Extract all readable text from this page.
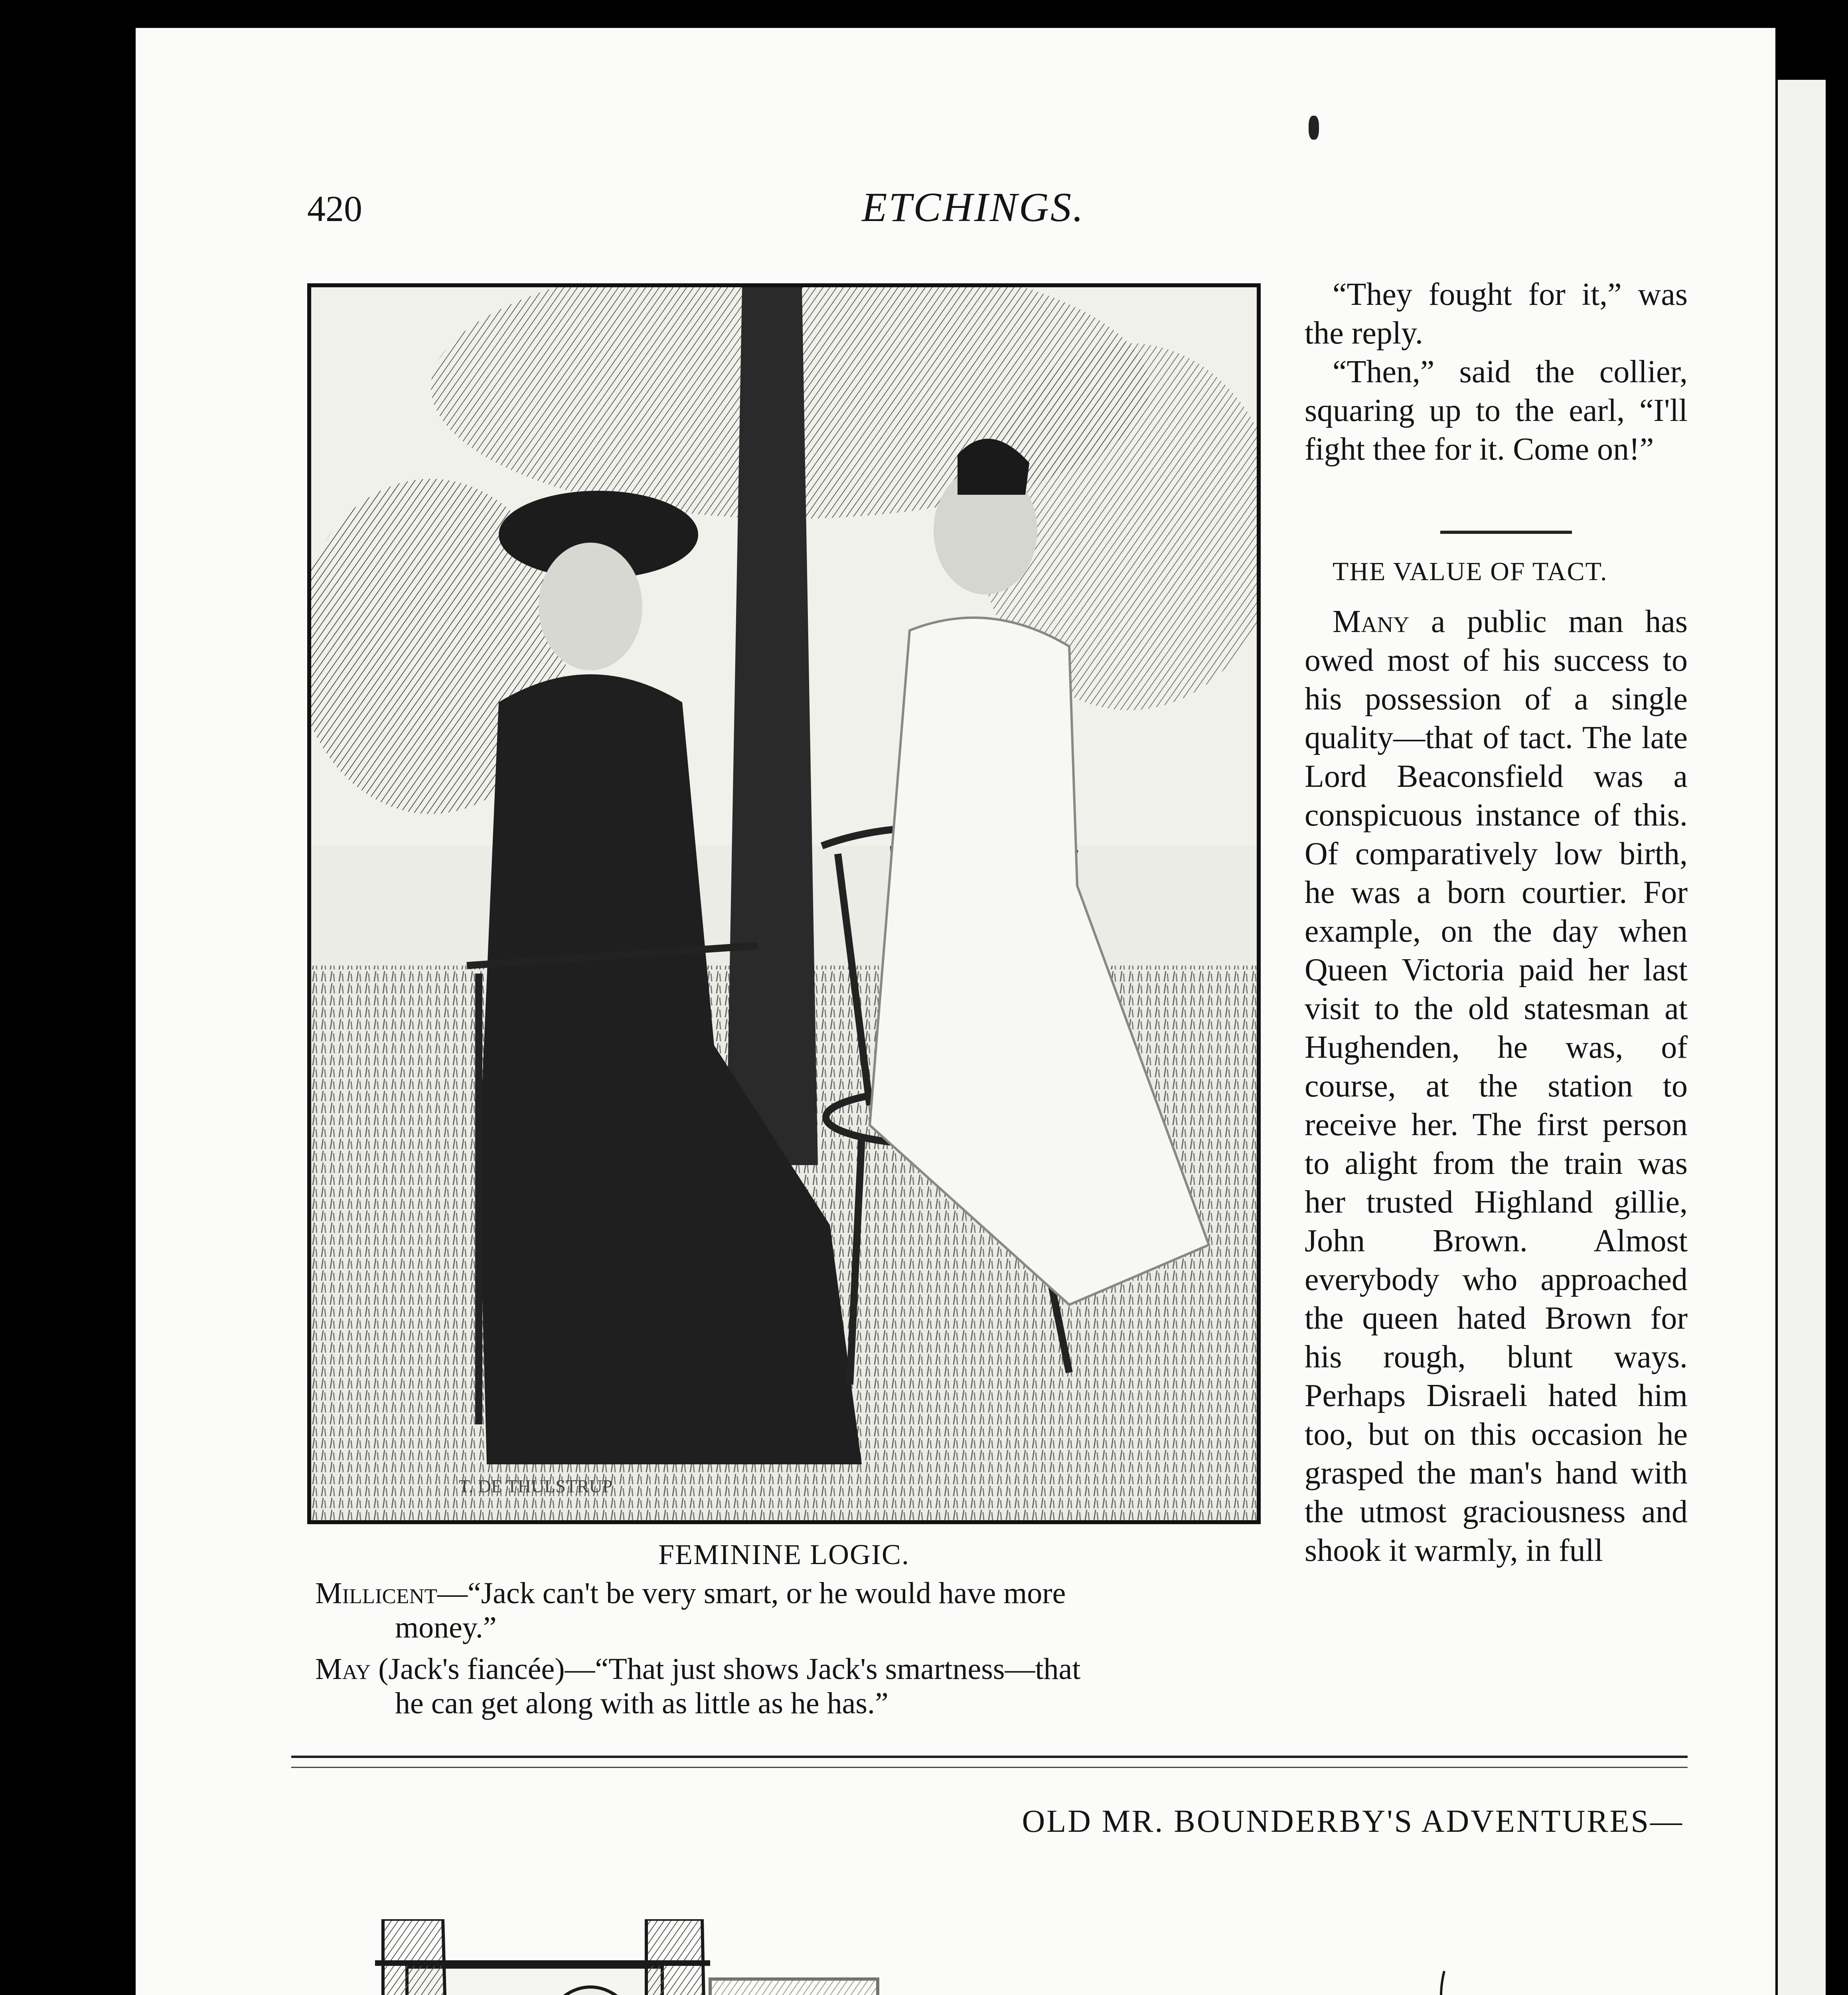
420	ETCHINGS.
T. DE THULSTRUP

“They fought for it,” was the reply.

“Then,” said the collier, squaring up to the earl, “I'll fight thee for it. Come on!”

THE VALUE OF TACT.

Many a public man has owed most of his success to his possession of a single quality—that of tact. The late Lord Beaconsfield was a conspicuous instance of this. Of comparatively low birth, he was a born courtier. For example, on the day when Queen Victoria paid her last visit to the old statesman at Hughenden, he was, of course, at the station to receive her. The first person to alight from the train was her trusted Highland gillie, John Brown. Almost everybody who approached the queen hated Brown for his rough, blunt ways. Perhaps Disraeli hated him too, but on this occasion he grasped the man's hand with the utmost graciousness and shook it warmly, in full

FEMININE LOGIC.
Millicent—“Jack can't be very smart, or he would have more
money.”
May (Jack's fiancée)—“That just shows Jack's smartness—that
he can get along with as little as he has.”
OLD MR. BOUNDERBY'S ADVENTURES—
